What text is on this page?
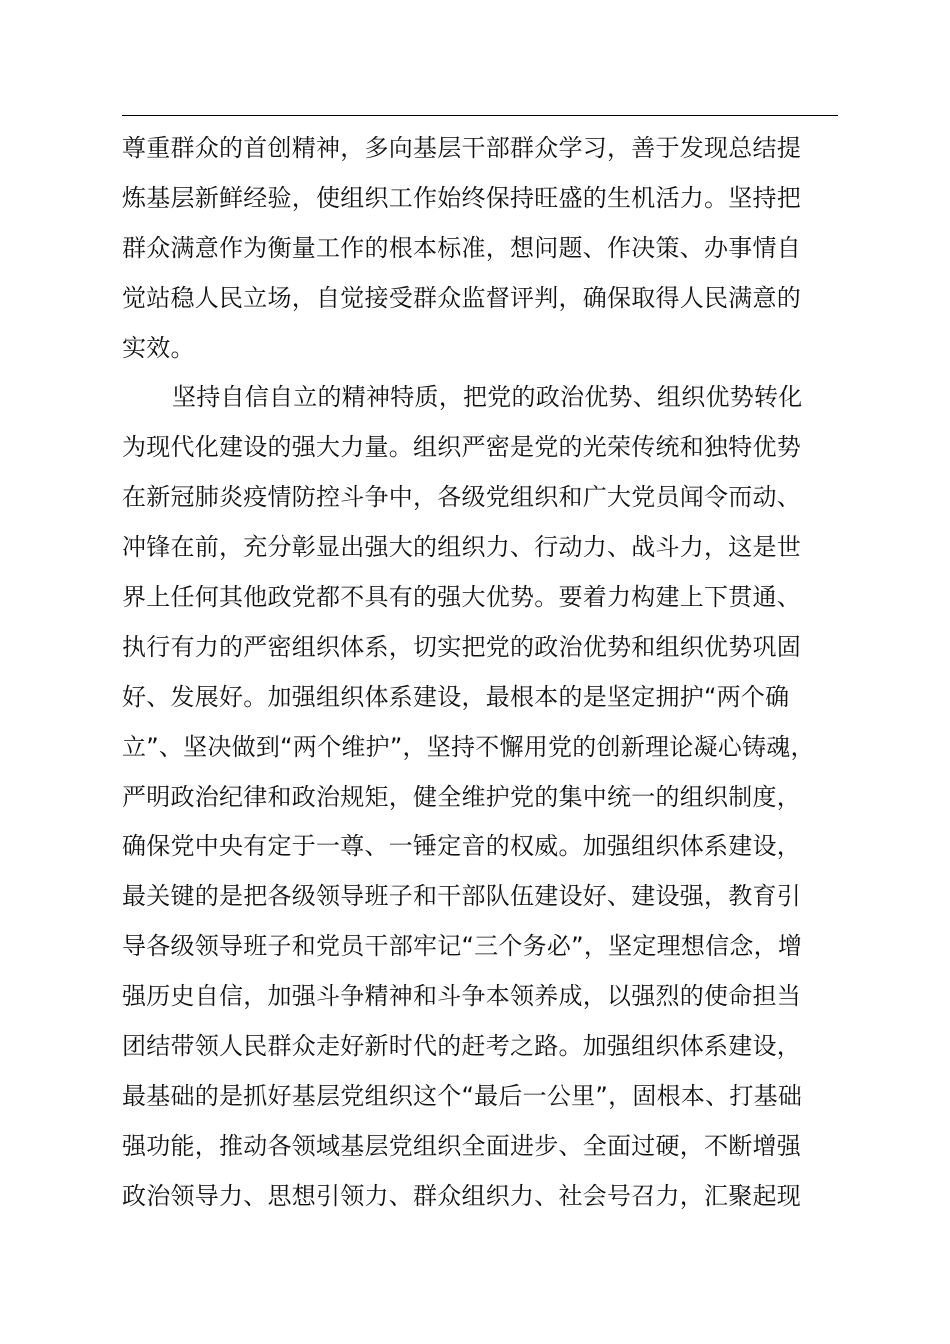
尊重群众的首创精神，多向基层干部群众学习，善于发现总结提
炼基层新鲜经验，使组织工作始终保持旺盛的生机活力。坚持把
群众满意作为衡量工作的根本标准，想问题、作决策、办事情自
觉站稳人民立场，自觉接受群众监督评判，确保取得人民满意的
实效。
坚持自信自立的精神特质，把党的政治优势、组织优势转化
为现代化建设的强大力量。组织严密是党的光荣传统和独特优势
在新冠肺炎疫情防控斗争中，各级党组织和广大党员闻令而动、
冲锋在前，充分彰显出强大的组织力、行动力、战斗力，这是世
界上任何其他政党都不具有的强大优势。要着力构建上下贯通、
执行有力的严密组织体系，切实把党的政治优势和组织优势巩固
好、发展好。加强组织体系建设，最根本的是坚定拥护“两个确
立”、坚决做到“两个维护”，坚持不懈用党的创新理论凝心铸魂，
严明政治纪律和政治规矩，健全维护党的集中统一的组织制度，
确保党中央有定于一尊、一锤定音的权威。加强组织体系建设，
最关键的是把各级领导班子和干部队伍建设好、建设强，教育引
导各级领导班子和党员干部牢记“三个务必”，坚定理想信念，增
强历史自信，加强斗争精神和斗争本领养成，以强烈的使命担当
团结带领人民群众走好新时代的赶考之路。加强组织体系建设，
最基础的是抓好基层党组织这个“最后一公里”，固根本、打基础
强功能，推动各领域基层党组织全面进步、全面过硬，不断增强
政治领导力、思想引领力、群众组织力、社会号召力，汇聚起现
